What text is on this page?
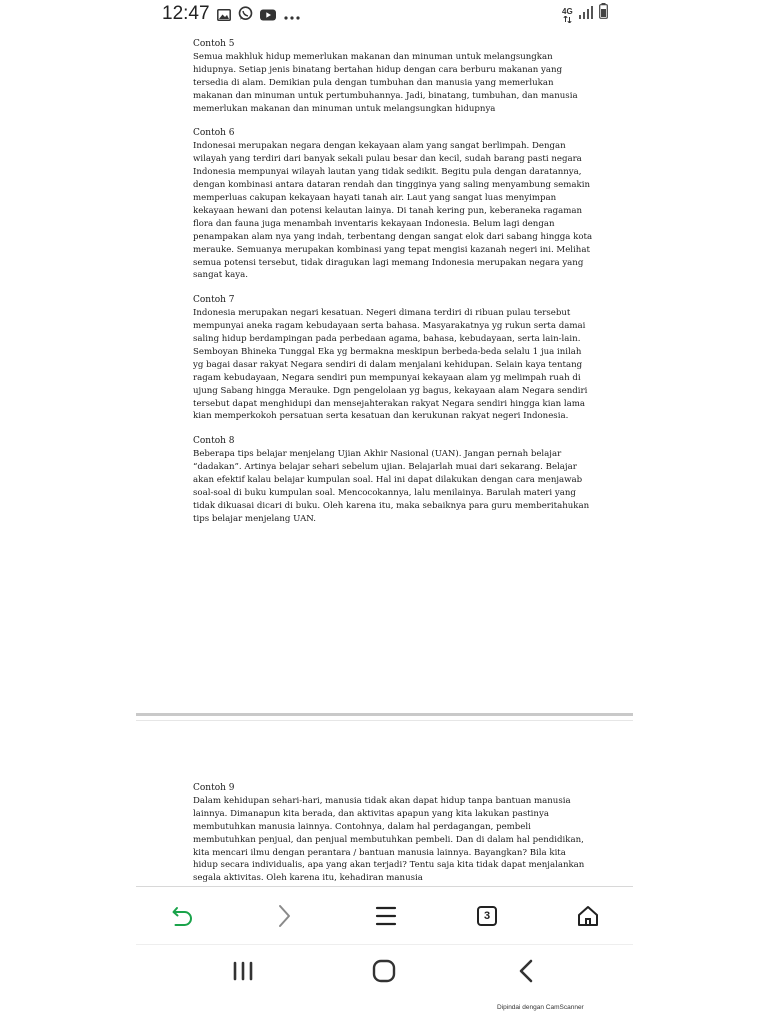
12:47	4G
Contoh 5
Semua makhluk hidup memerlukan makanan dan minuman untuk melangsungkan hidupnya. Setiap jenis binatang bertahan hidup dengan cara berburu makanan yang tersedia di alam. Demikian pula dengan tumbuhan dan manusia yang memerlukan makanan dan minuman untuk pertumbuhannya. Jadi, binatang, tumbuhan, dan manusia memerlukan makanan dan minuman untuk melangsungkan hidupnya
Contoh 6
Indonesai merupakan negara dengan kekayaan alam yang sangat berlimpah. Dengan wilayah yang terdiri dari banyak sekali pulau besar dan kecil, sudah barang pasti negara Indonesia mempunyai wilayah lautan yang tidak sedikit. Begitu pula dengan daratannya, dengan kombinasi antara dataran rendah dan tingginya yang saling menyambung semakin memperluas cakupan kekayaan hayati tanah air. Laut yang sangat luas menyimpan kekayaan hewani dan potensi kelautan lainya. Di tanah kering pun, keberaneka ragaman flora dan fauna juga menambah inventaris kekayaan Indonesia. Belum lagi dengan penampakan alam nya yang indah, terbentang dengan sangat elok dari sabang hingga kota merauke. Semuanya merupakan kombinasi yang tepat mengisi kazanah negeri ini. Melihat semua potensi tersebut, tidak diragukan lagi memang Indonesia merupakan negara yang sangat kaya.
Contoh 7
Indonesia merupakan negari kesatuan. Negeri dimana terdiri di ribuan pulau tersebut mempunyai aneka ragam kebudayaan serta bahasa. Masyarakatnya yg rukun serta damai saling hidup berdampingan pada perbedaan agama, bahasa, kebudayaan, serta lain-lain. Semboyan Bhineka Tunggal Eka yg bermakna meskipun berbeda-beda selalu 1 jua inilah yg bagai dasar rakyat Negara sendiri di dalam menjalani kehidupan. Selain kaya tentang ragam kebudayaan, Negara sendiri pun mempunyai kekayaan alam yg melimpah ruah di ujung Sabang hingga Merauke. Dgn pengelolaan yg bagus, kekayaan alam Negara sendiri tersebut dapat menghidupi dan mensejahterakan rakyat Negara sendiri hingga kian lama kian memperkokoh persatuan serta kesatuan dan kerukunan rakyat negeri Indonesia.
Contoh 8
Beberapa tips belajar menjelang Ujian Akhir Nasional (UAN). Jangan pernah belajar “dadakan”. Artinya belajar sehari sebelum ujian. Belajarlah muai dari sekarang. Belajar akan efektif kalau belajar kumpulan soal. Hal ini dapat dilakukan dengan cara menjawab soal-soal di buku kumpulan soal. Mencocokannya, lalu menilainya. Barulah materi yang tidak dikuasai dicari di buku. Oleh karena itu, maka sebaiknya para guru memberitahukan tips belajar menjelang UAN.
Contoh 9
Dalam kehidupan sehari-hari, manusia tidak akan dapat hidup tanpa bantuan manusia lainnya. Dimanapun kita berada, dan aktivitas apapun yang kita lakukan pastinya membutuhkan manusia lainnya. Contohnya, dalam hal perdagangan, pembeli membutuhkan penjual, dan penjual membutuhkan pembeli. Dan di dalam hal pendidikan, kita mencari ilmu dengan perantara / bantuan manusia lainnya. Bayangkan? Bila kita hidup secara individualis, apa yang akan terjadi? Tentu saja kita tidak dapat menjalankan segala aktivitas. Oleh karena itu, kehadiran manusia
3
Dipindai dengan CamScanner
